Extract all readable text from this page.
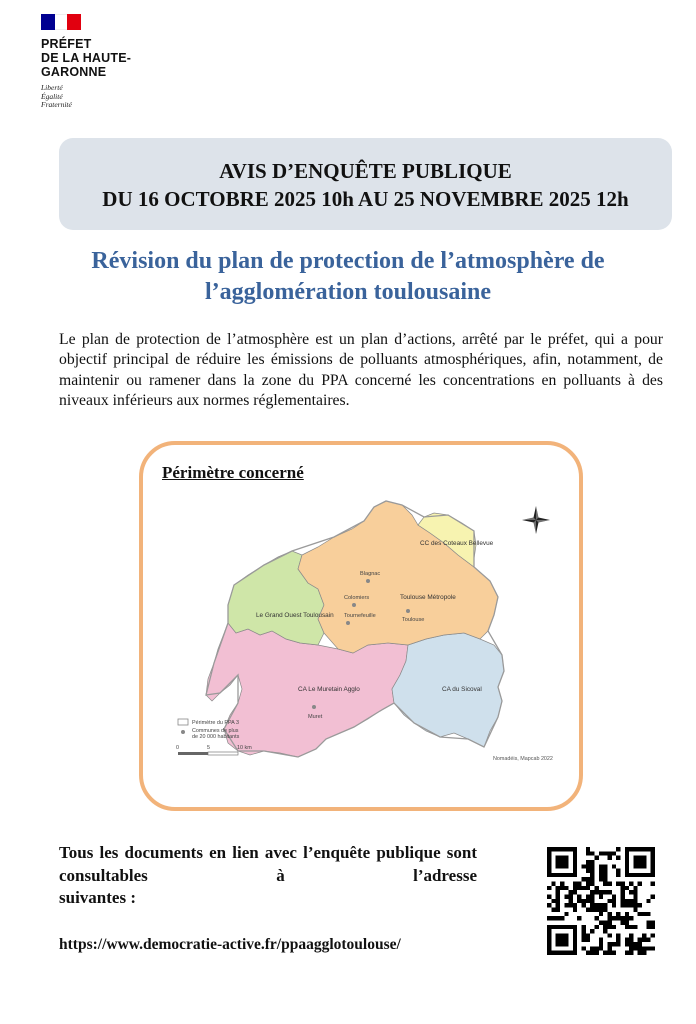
PRÉFET
DE LA HAUTE-
GARONNE
Liberté
Égalité
Fraternité
AVIS D’ENQUÊTE PUBLIQUE
DU 16 OCTOBRE 2025 10h AU 25 NOVEMBRE 2025 12h
Révision du plan de protection de l’atmosphère de
l’agglomération toulousaine
Le plan de protection de l’atmosphère est un plan d’actions, arrêté par le préfet, qui a pour objectif principal de réduire les émissions de polluants atmosphériques, afin, notamment, de maintenir ou ramener dans la zone du PPA concerné les concentrations en polluants à des niveaux inférieurs aux normes réglementaires.
Périmètre concerné
CC des Coteaux Bellevue
Toulouse Métropole
Le Grand Ouest Toulousain
CA Le Muretain Agglo	CA du Sicoval
Blagnac
Colomiers
Toulouse
Tournefeuille
Muret
Périmètre du PPA 3
Communes de plus
de 20 000 habitants
0	5	10 km
Nomadéis, Mapcab 2022
Tous les documents en lien avec l’enquête publique sont consultables à l’adresse
suivantes :
https://www.democratie-active.fr/ppaagglotoulouse/
